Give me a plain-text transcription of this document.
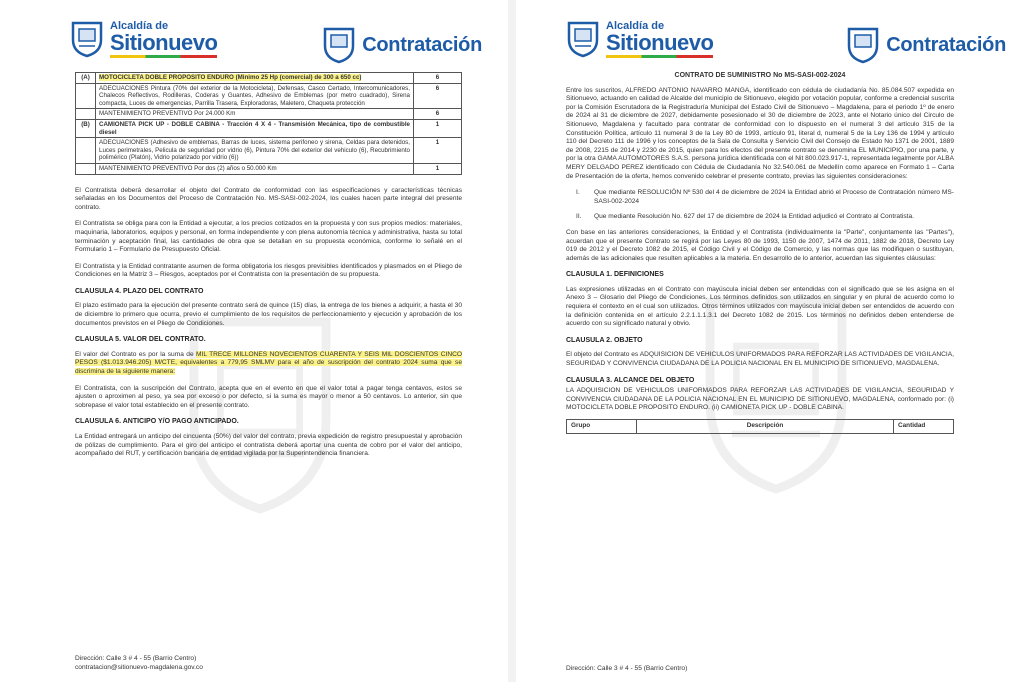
Alcaldía de
Sitionuevo	Contratación
(A)	MOTOCICLETA DOBLE PROPOSITO ENDURO (Minimo 25 Hp (comercial) de 300 a 650 cc)	6
	ADECUACIONES Pintura (70% del exterior de la Motocicleta), Defensas, Casco Certado, Intercomunicadores, Chalecos Reflectivos, Rodilleras, Coderas y Guantes, Adhesivo de Emblemas (por metro cuadrado), Sirena compacta, Luces de emergencias, Parrilla Trasera, Exploradoras, Maletero, Chaqueta protección	6
	MANTENIMIENTO PREVENTIVO Por 24.000 Km	6
(B)	CAMIONETA PICK UP - DOBLE CABINA - Tracción 4 X 4 - Transmisión Mecánica, tipo de combustible diesel	1
	ADECUACIONES (Adhesivo de emblemas, Barras de luces, sistema perifoneo y sirena, Celdas para detenidos, Luces perimetrales, Pelicula de seguridad por vidrio (6), Pintura 70% del exterior del vehiculo (6), Recubrimiento polimérico (Platón), Vidrio polarizado por vidrio (6))	1
	MANTENIMIENTO PREVENTIVO Por dos (2) años o 50.000 Km	1

El Contratista deberá desarrollar el objeto del Contrato de conformidad con las especificaciones y características técnicas señaladas en los Documentos del Proceso de Contratación No. MS-SASI-002-2024, los cuales hacen parte integral del presente contrato.

El Contratista se obliga para con la Entidad a ejecutar, a los precios cotizados en la propuesta y con sus propios medios: materiales, maquinaria, laboratorios, equipos y personal, en forma independiente y con plena autonomía técnica y administrativa, hasta su total terminación y aceptación final, las cantidades de obra que se detallan en su propuesta económica, conforme lo señalé en el Formulario 1 – Formulario de Presupuesto Oficial.

El Contratista y la Entidad contratante asumen de forma obligatoria los riesgos previsibles identificados y plasmados en el Pliego de Condiciones en la Matriz 3 – Riesgos, aceptados por el Contratista con la presentación de su propuesta.

CLAUSULA 4. PLAZO DEL CONTRATO

El plazo estimado para la ejecución del presente contrato será de quince (15) días, la entrega de los bienes a adquirir, a hasta el 30 de diciembre lo primero que ocurra, previo el cumplimiento de los requisitos de perfeccionamiento y ejecución y aprobación de los documentos previstos en el Pliego de Condiciones.

CLAUSULA 5. VALOR DEL CONTRATO.

El valor del Contrato es por la suma de MIL TRECE MILLONES NOVECIENTOS CUARENTA Y SEIS MIL DOSCIENTOS CINCO PESOS ($1.013.946.205) M/CTE, equivalentes a 779,95 SMLMV para el año de suscripción del contrato 2024 suma que se discrimina de la siguiente manera:

El Contratista, con la suscripción del Contrato, acepta que en el evento en que el valor total a pagar tenga centavos, estos se ajusten o aproximen al peso, ya sea por exceso o por defecto, si la suma es mayor o menor a 50 centavos. Lo anterior, sin que sobrepase el valor total establecido en el presente contrato.

CLAUSULA 6. ANTICIPO Y/O PAGO ANTICIPADO.

La Entidad entregará un anticipo del cincuenta (50%) del valor del contrato, previa expedición de registro presupuestal y aprobación de pólizas de cumplimiento. Para el giro del anticipo el contratista deberá aportar una cuenta de cobro por el valor del anticipo, acompañado del RUT, y certificación bancaria de entidad vigilada por la Superintendencia financiera.

Dirección: Calle 3 # 4 - 55 (Barrio Centro)
contratacion@sitionuevo-magdalena.gov.co
Alcaldía de
Sitionuevo	Contratación
CONTRATO DE SUMINISTRO No MS-SASI-002-2024

Entre los suscritos, ALFREDO ANTONIO NAVARRO MANGA, identificado con cédula de ciudadanía No. 85.084.507 expedida en Sitionuevo, actuando en calidad de Alcalde del municipio de Sitionuevo, elegido por votación popular, conforme a credencial suscrita por la Comisión Escrutadora de la Registraduría Municipal del Estado Civil de Sitionuevo – Magdalena, para el periodo 1º de enero de 2024 al 31 de diciembre de 2027, debidamente posesionado el 30 de diciembre de 2023, ante el Notario único del Circulo de Sitionuevo, Magdalena y facultado para contratar de conformidad con lo dispuesto en el numeral 3 del artículo 315 de la Constitución Política, artículo 11 numeral 3 de la Ley 80 de 1993, artículo 91, literal d, numeral 5 de la Ley 136 de 1994 y artículo 110 del Decreto 111 de 1996 y los conceptos de la Sala de Consulta y Servicio Civil del Consejo de Estado No 1371 de 2001, 1889 de 2008, 2215 de 2014 y 2230 de 2015, quien para los efectos del presente contrato se denomina EL MUNICIPIO, por una parte, y por la otra GAMA AUTOMOTORES S.A.S. persona jurídica identificada con el Nit 800.023.917-1, representada legalmente por ALBA MERY DELGADO PEREZ identificado con Cédula de Ciudadanía No 32.540.061 de Medellín como aparece en Formato 1 – Carta de Presentación de la oferta, hemos convenido celebrar el presente contrato, previas las siguientes consideraciones:

I.	Que mediante RESOLUCIÓN Nº 530 del 4 de diciembre de 2024 la Entidad abrió el Proceso de Contratación número MS-SASI-002-2024
II.	Que mediante Resolución No. 627 del 17 de diciembre de 2024 la Entidad adjudicó el Contrato al Contratista.

Con base en las anteriores consideraciones, la Entidad y el Contratista (individualmente la "Parte", conjuntamente las "Partes"), acuerdan que el presente Contrato se regirá por las Leyes 80 de 1993, 1150 de 2007, 1474 de 2011, 1882 de 2018, Decreto Ley 019 de 2012 y el Decreto 1082 de 2015, el Código Civil y el Código de Comercio, y las normas que las modifiquen o sustituyan, además de las adicionales que resulten aplicables a la materia. En desarrollo de lo anterior, acuerdan las siguientes cláusulas:

CLAUSULA 1. DEFINICIONES

Las expresiones utilizadas en el Contrato con mayúscula inicial deben ser entendidas con el significado que se les asigna en el Anexo 3 – Glosario del Pliego de Condiciones. Los términos definidos son utilizados en singular y en plural de acuerdo como lo requiera el contexto en el cual son utilizados. Otros términos utilizados con mayúscula inicial deben ser entendidos de acuerdo con la definición contenida en el artículo 2.2.1.1.1.3.1 del Decreto 1082 de 2015. Los términos no definidos deben entenderse de acuerdo con su significado natural y obvio.

CLAUSULA 2. OBJETO

El objeto del Contrato es ADQUISICION DE VEHICULOS UNIFORMADOS PARA REFORZAR LAS ACTIVIDADES DE VIGILANCIA, SEGURIDAD Y CONVIVENCIA CIUDADANA DE LA POLICIA NACIONAL EN EL MUNICIPIO DE SITIONUEVO, MAGDALENA.

CLAUSULA 3. ALCANCE DEL OBJETO

LA ADQUISICION DE VEHICULOS UNIFORMADOS PARA REFORZAR LAS ACTIVIDADES DE VIGILANCIA, SEGURIDAD Y CONVIVENCIA CIUDADANA DE LA POLICIA NACIONAL EN EL MUNICIPIO DE SITIONUEVO, MAGDALENA, conformado por: (i) MOTOCICLETA DOBLE PROPOSITO ENDURO. (ii) CAMIONETA PICK UP - DOBLE CABINA.

Grupo	Descripción	Cantidad
Dirección: Calle 3 # 4 - 55 (Barrio Centro)
